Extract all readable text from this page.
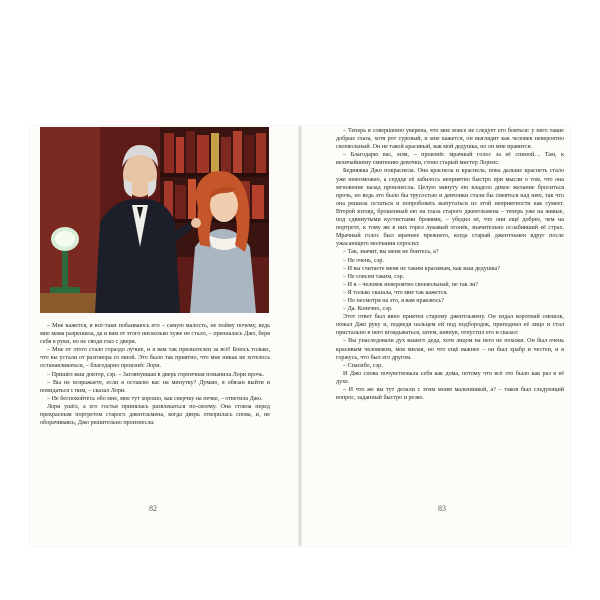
– Мне кажется, я всё-таки побаиваюсь его – самую малость, не пойму почему, ведь мне мама разрешила, да и вам от этого нисколько хуже не стало, – призналась Джо, беря себя в руки, но не сводя глаз с двери.

– Мне от этого стало гораздо лучше, и я вам так признателен за всё! Боюсь только, что вы устали от разговора со мной. Это было так приятно, что мне никак не хотелось останавливаться, – благодарно произнёс Лори.

– Пришёл ваш доктор, сэр. – Заглянувшая в дверь горничная поманила Лори прочь.

– Вы не возражаете, если я оставлю вас на минутку? Думаю, я обязан выйти и повидаться с ним, – сказал Лори.

– Не беспокойтесь обо мне, мне тут хорошо, как сверчку на печке, – ответила Джо.

Лори ушёл, а его гостья принялась развлекаться по-своему. Она стояла перед прекрасным портретом старого джентльмена, когда дверь отворилась снова, и, не оборачиваясь, Джо решительно произнесла:

– Теперь я совершенно уверена, что мне вовсе не следует его бояться: у него такие добрые глаза, хотя рот суровый, и мне кажется, он выглядит как человек невероятно своевольный. Он не такой красивый, как мой дедушка, но он мне нравится.

– Благодарю вас, мэм, – произнёс мрачный голос за её спиной… Там, к величайшему смятению девочки, стоял старый мистер Лоренс.

Бедняжка Джо покраснела. Она краснела и краснела, пока дальше краснеть стало уже невозможно, а сердце её забилось неприятно быстро при мысли о том, что она мгновение назад произнесла. Целую минуту ею владело дикое желание броситься прочь, но ведь это было бы трусостью и девчонки стали бы смеяться над нею, так что она решила остаться и попробовать выпутаться из этой неприятности как сумеет. Второй взгляд, брошенный ею на глаза старого джентльмена – теперь уже на живые, под сдвинутыми кустистыми бровями, – убедил её, что они ещё добрее, чем на портрете, к тому же в них горел лукавый огонёк, значительно ослабивший её страх. Мрачный голос был мрачнее прежнего, когда старый джентльмен вдруг после ужасающего молчания спросил:

– Так, значит, вы меня не боитесь, а?

– Не очень, сэр.

– И вы считаете меня не таким красивым, как ваш дедушка?

– Не совсем таким, сэр.

– И я – человек невероятно своевольный, не так ли?

– Я только сказала, что мне так кажется.

– Но несмотря на это, я вам нравлюсь?

– Да. Конечно, сэр.

Этот ответ был явно приятен старому джентльмену. Он издал короткий смешок, пожал Джо руку и, подведя пальцем ей под подбородок, приподнял её лицо и стал пристально в него вглядываться, затем, кивнув, отпустил его и сказал:

– Вы унаследовали дух вашего деда, хотя лицом на него не похожи. Он был очень красивым человеком, моя милая, но что ещё важнее – он был храбр и честен, и я горжусь, что был его другом.

– Спасибо, сэр.

И Джо снова почувствовала себя как дома, потому что всё это было как раз в её духе.

– И что же вы тут делали с этим моим мальчишкой, а? – таков был следующий вопрос, заданный быстро и резко.

82	83
